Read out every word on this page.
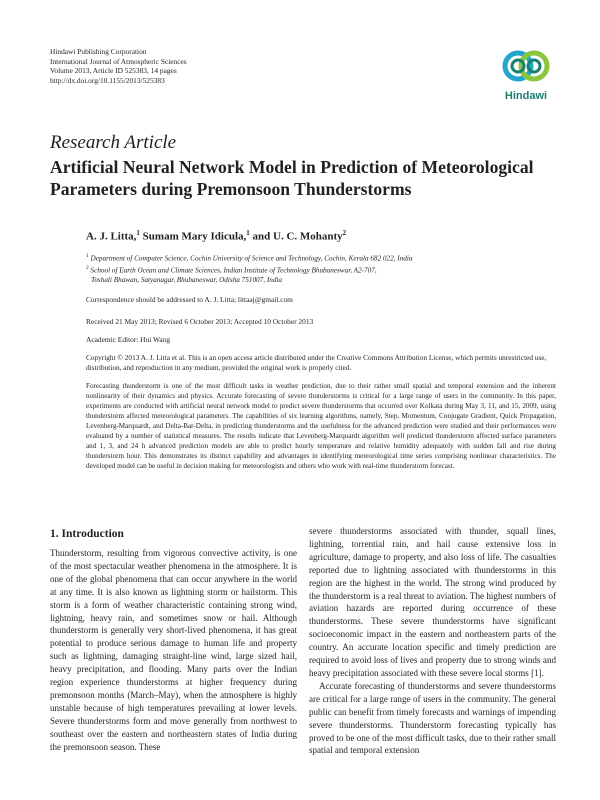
Hindawi Publishing Corporation
International Journal of Atmospheric Sciences
Volume 2013, Article ID 525383, 14 pages
http://dx.doi.org/10.1155/2013/525383
Hindawi
Research Article
Artificial Neural Network Model in Prediction of Meteorological Parameters during Premonsoon Thunderstorms
A. J. Litta,$^1$ Sumam Mary Idicula,$^1$ and U. C. Mohanty$^2$
$^1$ Department of Computer Science, Cochin University of Science and Technology, Cochin, Kerala 682 022, India
$^2$ School of Earth Ocean and Climate Sciences, Indian Institute of Technology Bhubaneswar, A2-707,
Toshali Bhawan, Satyanagar, Bhubaneswar, Odisha 751007, India
Correspondence should be addressed to A. J. Litta; littaaj@gmail.com
Received 21 May 2013; Revised 6 October 2013; Accepted 10 October 2013
Academic Editor: Hui Wang

Copyright © 2013 A. J. Litta et al. This is an open access article distributed under the Creative Commons Attribution License, which permits unrestricted use, distribution, and reproduction in any medium, provided the original work is properly cited.

Forecasting thunderstorm is one of the most difficult tasks in weather prediction, due to their rather small spatial and temporal extension and the inherent nonlinearity of their dynamics and physics. Accurate forecasting of severe thunderstorms is critical for a large range of users in the community. In this paper, experiments are conducted with artificial neural network model to predict severe thunderstorms that occurred over Kolkata during May 3, 11, and 15, 2009, using thunderstorm affected meteorological parameters. The capabilities of six learning algorithms, namely, Step, Momentum, Conjugate Gradient, Quick Propagation, Levenberg-Marquardt, and Delta-Bar-Delta, in predicting thunderstorms and the usefulness for the advanced prediction were studied and their performances were evaluated by a number of statistical measures. The results indicate that Levenberg-Marquardt algorithm well predicted thunderstorm affected surface parameters and 1, 3, and 24 h advanced prediction models are able to predict hourly temperature and relative humidity adequately with sudden fall and rise during thunderstorm hour. This demonstrates its distinct capability and advantages in identifying meteorological time series comprising nonlinear characteristics. The developed model can be useful in decision making for meteorologists and others who work with real-time thunderstorm forecast.

1. Introduction

Thunderstorm, resulting from vigorous convective activity, is one of the most spectacular weather phenomena in the atmosphere. It is one of the global phenomena that can occur anywhere in the world at any time. It is also known as lightning storm or hailstorm. This storm is a form of weather characteristic containing strong wind, lightning, heavy rain, and sometimes snow or hail. Although thunderstorm is generally very short-lived phenomena, it has great potential to produce serious damage to human life and property such as lightning, damaging straight-line wind, large sized hail, heavy precipitation, and flooding. Many parts over the Indian region experience thunderstorms at higher frequency during premonsoon months (March–May), when the atmosphere is highly unstable because of high temperatures prevailing at lower levels. Severe thunderstorms form and move generally from northwest to southeast over the eastern and northeastern states of India during the premonsoon season. These

severe thunderstorms associated with thunder, squall lines, lightning, torrential rain, and hail cause extensive loss in agriculture, damage to property, and also loss of life. The casualties reported due to lightning associated with thunderstorms in this region are the highest in the world. The strong wind produced by the thunderstorm is a real threat to aviation. The highest numbers of aviation hazards are reported during occurrence of these thunderstorms. These severe thunderstorms have significant socioeconomic impact in the eastern and northeastern parts of the country. An accurate location specific and timely prediction are required to avoid loss of lives and property due to strong winds and heavy precipitation associated with these severe local storms [1].

Accurate forecasting of thunderstorms and severe thunderstorms are critical for a large range of users in the community. The general public can benefit from timely forecasts and warnings of impending severe thunderstorms. Thunderstorm forecasting typically has proved to be one of the most difficult tasks, due to their rather small spatial and temporal extension
